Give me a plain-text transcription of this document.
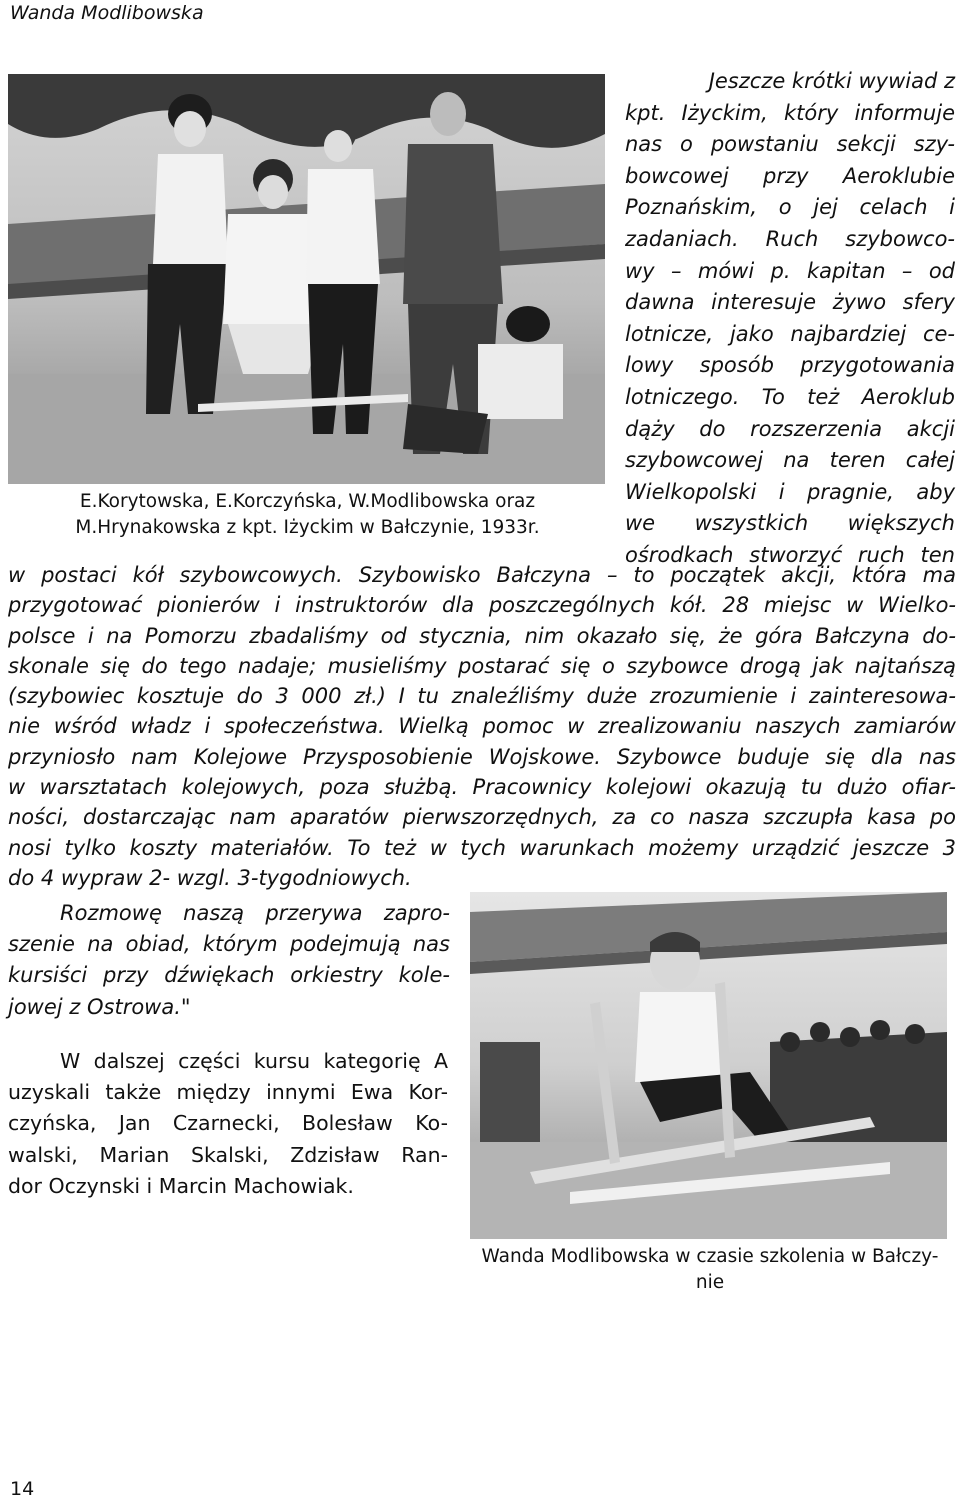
Wanda Modlibowska
E.Korytowska, E.Korczyńska, W.Modlibowska oraz
M.Hrynakowska z kpt. Iżyckim w Bałczynie, 1933r.
Jeszcze krótki wywiad z
kpt. Iżyckim, który informuje
nas o powstaniu sekcji szy-
bowcowej przy Aeroklubie
Poznańskim, o jej celach i
zadaniach. Ruch szybowco-
wy – mówi p. kapitan – od
dawna interesuje żywo sfery
lotnicze, jako najbardziej ce-
lowy sposób przygotowania
lotniczego. To też Aeroklub
dąży do rozszerzenia akcji
szybowcowej na teren całej
Wielkopolski i pragnie, aby
we wszystkich większych
ośrodkach stworzyć ruch ten
w postaci kół szybowcowych. Szybowisko Bałczyna – to początek akcji, która ma
przygotować pionierów i instruktorów dla poszczególnych kół. 28 miejsc w Wielko-
polsce i na Pomorzu zbadaliśmy od stycznia, nim okazało się, że góra Bałczyna do-
skonale się do tego nadaje; musieliśmy postarać się o szybowce drogą jak najtańszą
(szybowiec kosztuje do 3 000 zł.) I tu znaleźliśmy duże zrozumienie i zainteresowa-
nie wśród władz i społeczeństwa. Wielką pomoc w zrealizowaniu naszych zamiarów
przyniosło nam Kolejowe Przysposobienie Wojskowe. Szybowce buduje się dla nas
w warsztatach kolejowych, poza służbą. Pracownicy kolejowi okazują tu dużo ofiar-
ności, dostarczając nam aparatów pierwszorzędnych, za co nasza szczupła kasa po
nosi tylko koszty materiałów. To też w tych warunkach możemy urządzić jeszcze 3
do 4 wypraw 2- wzgl. 3-tygodniowych.
Rozmowę naszą przerywa zapro-
szenie na obiad, którym podejmują nas
kursiści przy dźwiękach orkiestry kole-
jowej z Ostrowa."
W dalszej części kursu kategorię A
uzyskali także między innymi Ewa Kor-
czyńska, Jan Czarnecki, Bolesław Ko-
walski, Marian Skalski, Zdzisław Ran-
dor Oczynski i Marcin Machowiak.
Wanda Modlibowska w czasie szkolenia w Bałczy-
nie
14
